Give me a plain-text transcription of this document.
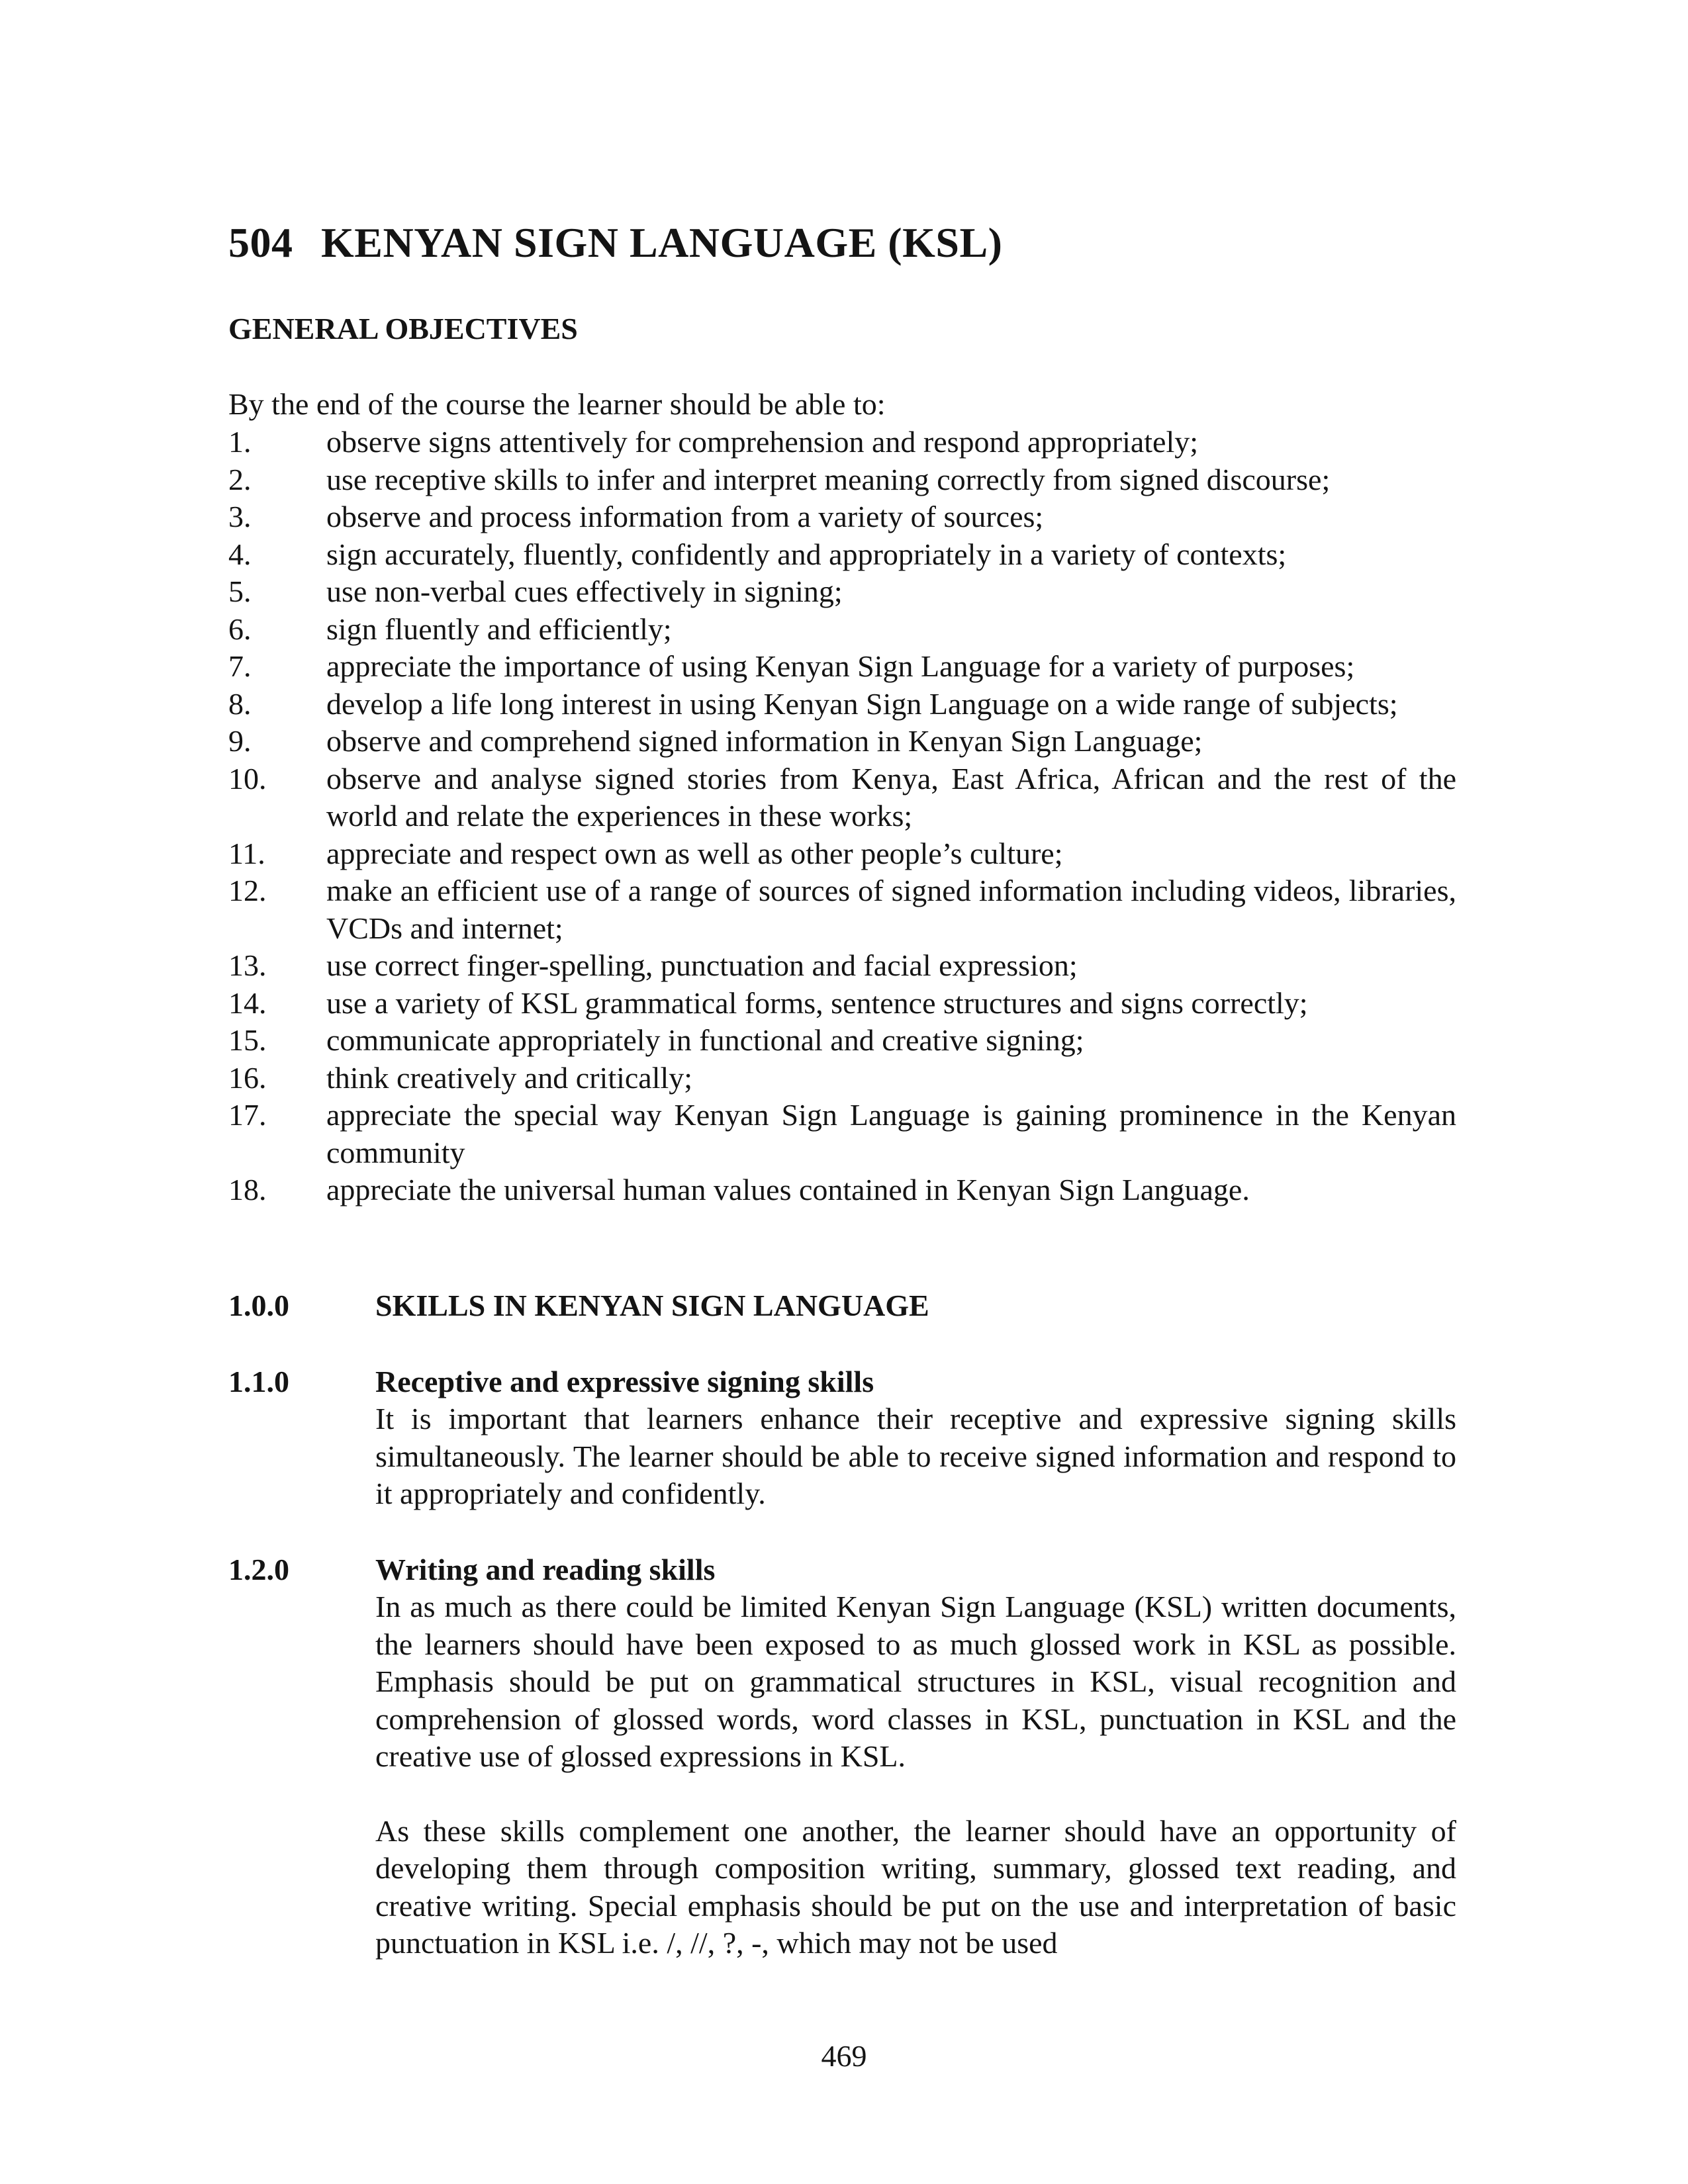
504 KENYAN SIGN LANGUAGE (KSL)
GENERAL OBJECTIVES
By the end of the course the learner should be able to:
1.	observe signs attentively for comprehension and respond appropriately;
2.	use receptive skills to infer and interpret meaning correctly from signed discourse;
3.	observe and process information from a variety of sources;
4.	sign accurately, fluently, confidently and appropriately in a variety of contexts;
5.	use non-verbal cues effectively in signing;
6.	sign fluently and efficiently;
7.	appreciate the importance of using Kenyan Sign Language for a variety of purposes;
8.	develop a life long interest in using Kenyan Sign Language on a wide range of subjects;
9.	observe and comprehend signed information in Kenyan Sign Language;
10.	observe and analyse signed stories from Kenya, East Africa, African and the rest of the world and relate the experiences in these works;
11.	appreciate and respect own as well as other people’s culture;
12.	make an efficient use of a range of sources of signed information including videos, libraries, VCDs and internet;
13.	use correct finger-spelling, punctuation and facial expression;
14.	use a variety of KSL grammatical forms, sentence structures and signs correctly;
15.	communicate appropriately in functional and creative signing;
16.	think creatively and critically;
17.	appreciate the special way Kenyan Sign Language is gaining prominence in the Kenyan community
18.	appreciate the universal human values contained in Kenyan Sign Language.
1.0.0	SKILLS IN KENYAN SIGN LANGUAGE
1.1.0	Receptive and expressive signing skills
It is important that learners enhance their receptive and expressive signing skills simultaneously. The learner should be able to receive signed information and respond to it appropriately and confidently.
1.2.0	Writing and reading skills
In as much as there could be limited Kenyan Sign Language (KSL) written documents, the learners should have been exposed to as much glossed work in KSL as possible. Emphasis should be put on grammatical structures in KSL, visual recognition and comprehension of glossed words, word classes in KSL, punctuation in KSL and the creative use of glossed expressions in KSL.
As these skills complement one another, the learner should have an opportunity of developing them through composition writing, summary, glossed text reading, and creative writing. Special emphasis should be put on the use and interpretation of basic punctuation in KSL i.e. /, //, ?, -, which may not be used
469
